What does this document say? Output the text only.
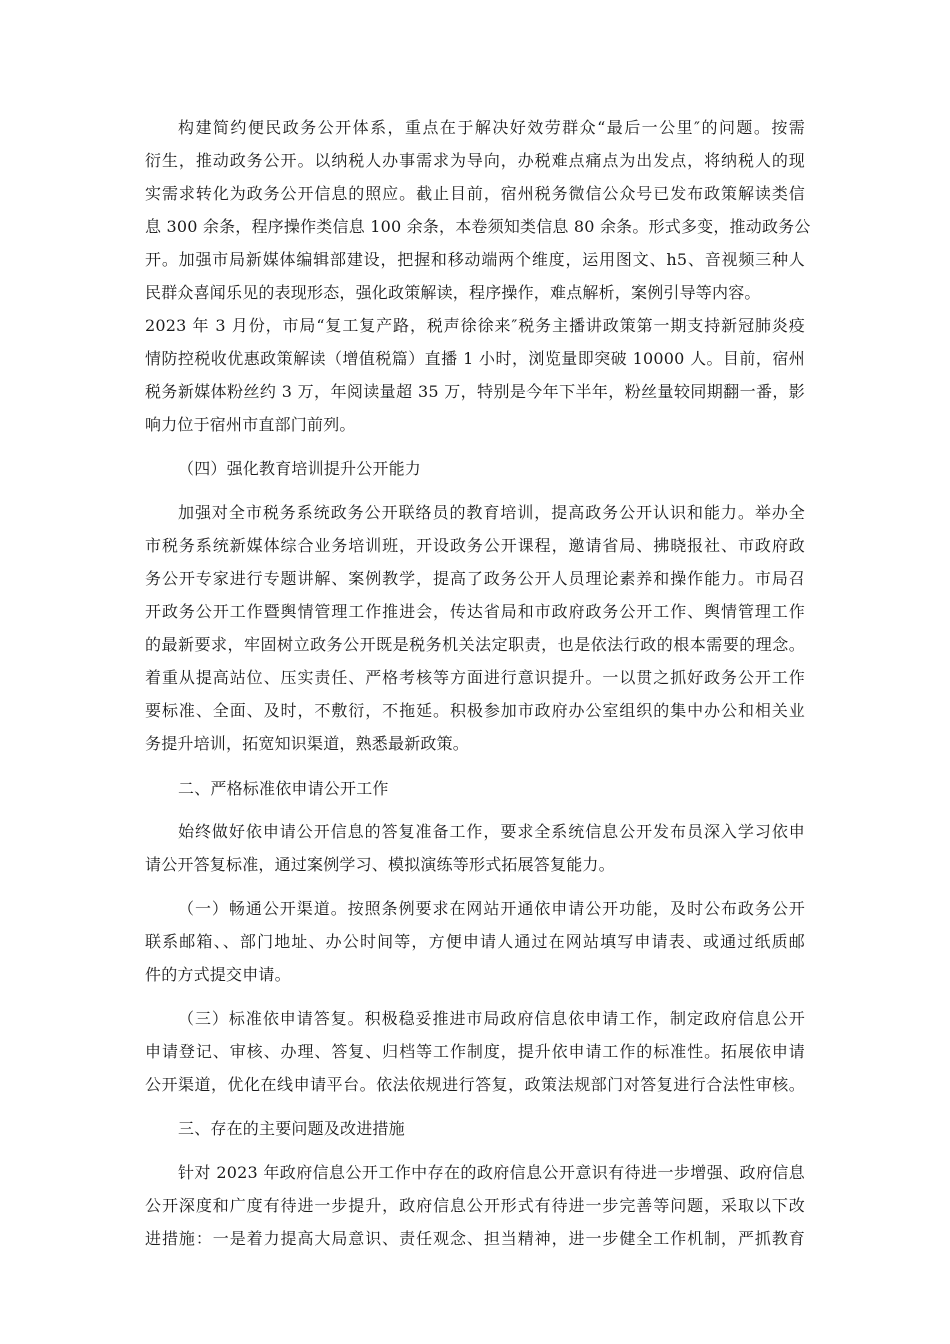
构建简约便民政务公开体系，重点在于解决好效劳群众“最后一公里″的问题。按需
衍生，推动政务公开。以纳税人办事需求为导向，办税难点痛点为出发点，将纳税人的现
实需求转化为政务公开信息的照应。截止目前，宿州税务微信公众号已发布政策解读类信
息 300 余条，程序操作类信息 100 余条，本卷须知类信息 80 余条。形式多变，推动政务公
开。加强市局新媒体编辑部建设，把握和移动端两个维度，运用图文、h5、音视频三种人
民群众喜闻乐见的表现形态，强化政策解读，程序操作，难点解析，案例引导等内容。
2023 年 3 月份，市局“复工复产路，税声徐徐来″税务主播讲政策第一期支持新冠肺炎疫
情防控税收优惠政策解读（增值税篇）直播 1 小时，浏览量即突破 10000 人。目前，宿州
税务新媒体粉丝约 3 万，年阅读量超 35 万，特别是今年下半年，粉丝量较同期翻一番，影
响力位于宿州市直部门前列。
（四）强化教育培训提升公开能力
加强对全市税务系统政务公开联络员的教育培训，提高政务公开认识和能力。举办全
市税务系统新媒体综合业务培训班，开设政务公开课程，邀请省局、拂晓报社、市政府政
务公开专家进行专题讲解、案例教学，提高了政务公开人员理论素养和操作能力。市局召
开政务公开工作暨舆情管理工作推进会，传达省局和市政府政务公开工作、舆情管理工作
的最新要求，牢固树立政务公开既是税务机关法定职责，也是依法行政的根本需要的理念。
着重从提高站位、压实责任、严格考核等方面进行意识提升。一以贯之抓好政务公开工作
要标准、全面、及时，不敷衍，不拖延。积极参加市政府办公室组织的集中办公和相关业
务提升培训，拓宽知识渠道，熟悉最新政策。
二、严格标准依申请公开工作
始终做好依申请公开信息的答复准备工作，要求全系统信息公开发布员深入学习依申
请公开答复标准，通过案例学习、模拟演练等形式拓展答复能力。
（一）畅通公开渠道。按照条例要求在网站开通依申请公开功能，及时公布政务公开
联系邮箱、、部门地址、办公时间等，方便申请人通过在网站填写申请表、或通过纸质邮
件的方式提交申请。
（三）标准依申请答复。积极稳妥推进市局政府信息依申请工作，制定政府信息公开
申请登记、审核、办理、答复、归档等工作制度，提升依申请工作的标准性。拓展依申请
公开渠道，优化在线申请平台。依法依规进行答复，政策法规部门对答复进行合法性审核。
三、存在的主要问题及改进措施
针对 2023 年政府信息公开工作中存在的政府信息公开意识有待进一步增强、政府信息
公开深度和广度有待进一步提升，政府信息公开形式有待进一步完善等问题，采取以下改
进措施：一是着力提高大局意识、责任观念、担当精神，进一步健全工作机制，严抓教育
